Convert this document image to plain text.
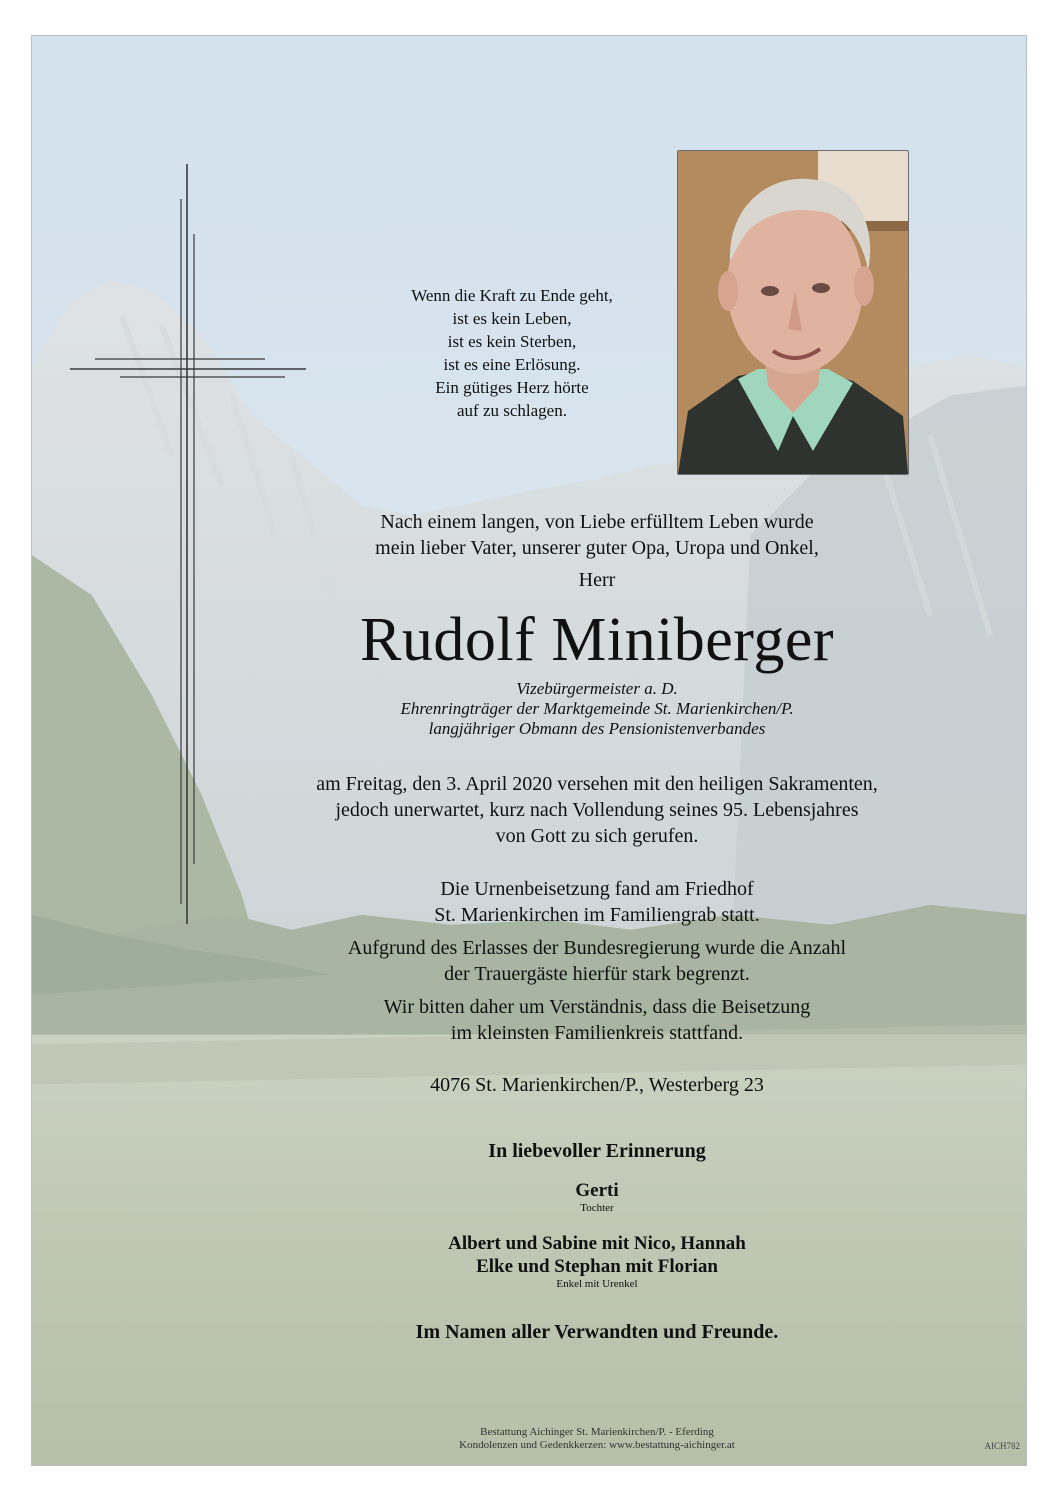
Wenn die Kraft zu Ende geht,
ist es kein Leben,
ist es kein Sterben,
ist es eine Erlösung.
Ein gütiges Herz hörte
auf zu schlagen.
Nach einem langen, von Liebe erfülltem Leben wurde
mein lieber Vater, unserer guter Opa, Uropa und Onkel,
Herr
Rudolf Miniberger
Vizebürgermeister a. D.
Ehrenringträger der Marktgemeinde St. Marienkirchen/P.
langjähriger Obmann des Pensionistenverbandes
am Freitag, den 3. April 2020 versehen mit den heiligen Sakramenten,
jedoch unerwartet, kurz nach Vollendung seines 95. Lebensjahres
von Gott zu sich gerufen.

Die Urnenbeisetzung fand am Friedhof
St. Marienkirchen im Familiengrab statt.

Aufgrund des Erlasses der Bundesregierung wurde die Anzahl
der Trauergäste hierfür stark begrenzt.

Wir bitten daher um Verständnis, dass die Beisetzung
im kleinsten Familienkreis stattfand.

4076 St. Marienkirchen/P., Westerberg 23
In liebevoller Erinnerung
Gerti
Tochter
Albert und Sabine mit Nico, Hannah
Elke und Stephan mit Florian
Enkel mit Urenkel
Im Namen aller Verwandten und Freunde.
Bestattung Aichinger St. Marienkirchen/P. - Eferding
Kondolenzen und Gedenkkerzen: www.bestattung-aichinger.at	AICH782
